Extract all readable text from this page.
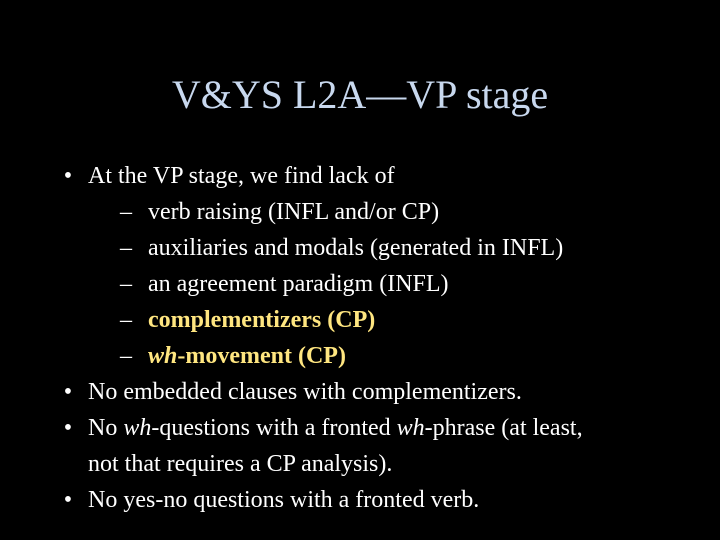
V&YS L2A—VP stage
• At the VP stage, we find lack of
– verb raising (INFL and/or CP)
– auxiliaries and modals (generated in INFL)
– an agreement paradigm (INFL)
– complementizers (CP)
– wh-movement (CP)
• No embedded clauses with complementizers.
• No wh-questions with a fronted wh-phrase (at least,
not that requires a CP analysis).
• No yes-no questions with a fronted verb.
